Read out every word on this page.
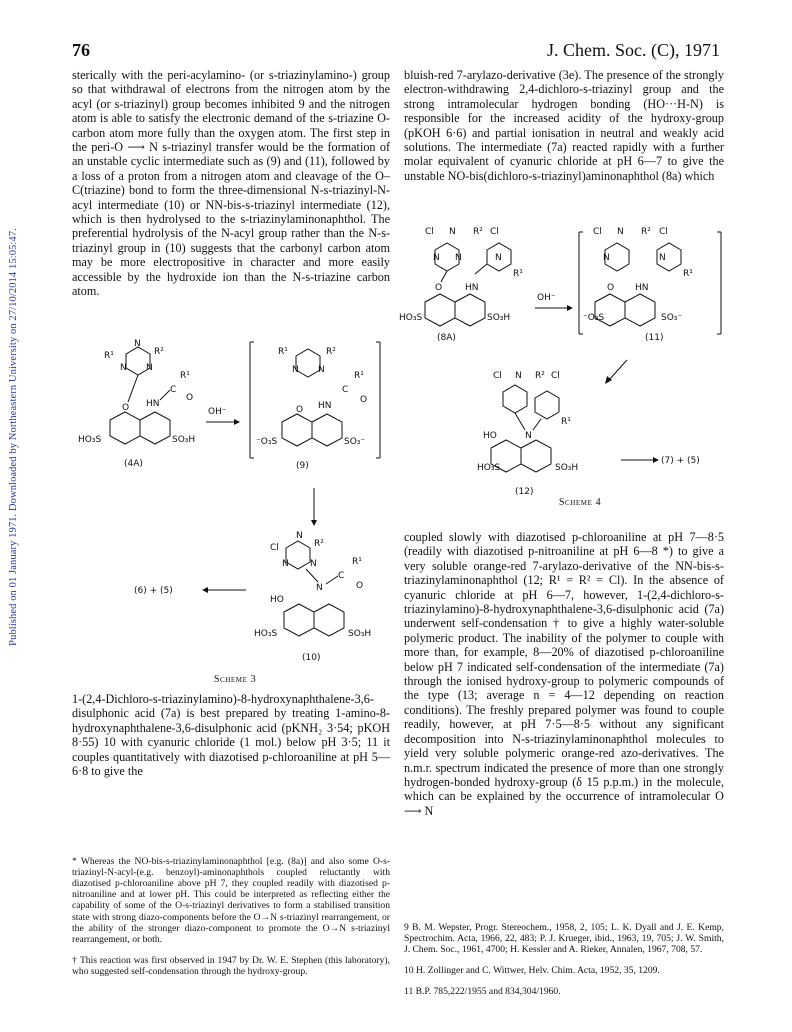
Published on 01 January 1971. Downloaded by Northeastern University on 27/10/2014 15:05:47.
76	J. Chem. Soc. (C), 1971

sterically with the peri-acylamino- (or s-triazinylamino-) group so that withdrawal of electrons from the nitrogen atom by the acyl (or s-triazinyl) group becomes inhibited 9 and the nitrogen atom is able to satisfy the electronic demand of the s-triazine O-carbon atom more fully than the oxygen atom. The first step in the peri-O ⟶ N s-triazinyl transfer would be the formation of an unstable cyclic intermediate such as (9) and (11), followed by a loss of a proton from a nitrogen atom and cleavage of the O–C(triazine) bond to form the three-dimensional N-s-triazinyl-N-acyl intermediate (10) or NN-bis-s-triazinyl intermediate (12), which is then hydrolysed to the s-triazinylaminonaphthol. The preferential hydrolysis of the N-acyl group rather than the N-s-triazinyl group in (10) suggests that the carbonyl carbon atom may be more electropositive in character and more easily accessible by the hydroxide ion than the N-s-triazine carbon atom.

bluish-red 7-arylazo-derivative (3e). The presence of the strongly electron-withdrawing 2,4-dichloro-s-triazinyl group and the strong intramolecular hydrogen bonding (HO···H-N) is responsible for the increased acidity of the hydroxy-group (pKOH 6·6) and partial ionisation in neutral and weakly acid solutions. The intermediate (7a) reacted rapidly with a further molar equivalent of cyanuric chloride at pH 6—7 to give the unstable NO-bis(dichloro-s-triazinyl)aminonaphthol (8a) which

Cl N R² Cl
N N	N
R¹
O	HN
HO₃S	SO₃H
(8A)
OH⁻
Cl N R² Cl
N	N
R¹
O HN
⁻O₃S	SO₃⁻
(11)
Cl N R² Cl
R¹
N
HO
HO₃S	SO₃H
(12)
(7) + (5)
Scheme 4
R¹
N
R²
N N
R¹
C
O
O HN
HO₃S	SO₃H
(4A)
OH⁻
R¹	R²
N N
R¹
C
O
O HN
⁻O₃S	SO₃⁻
(9)
Cl
N
R²
N N	R¹
C
O
N
HO
HO₃S	SO₃H
(10)
(6) + (5)
Scheme 3

1-(2,4-Dichloro-s-triazinylamino)-8-hydroxynaphthalene-3,6-disulphonic acid (7a) is best prepared by treating 1-amino-8-hydroxynaphthalene-3,6-disulphonic acid (pKNH₂ 3·54; pKOH 8·55) 10 with cyanuric chloride (1 mol.) below pH 3·5; 11 it couples quantitatively with diazotised p-chloroaniline at pH 5—6·8 to give the

coupled slowly with diazotised p-chloroaniline at pH 7—8·5 (readily with diazotised p-nitroaniline at pH 6—8 *) to give a very soluble orange-red 7-arylazo-derivative of the NN-bis-s-triazinylaminonaphthol (12; R¹ = R² = Cl). In the absence of cyanuric chloride at pH 6—7, however, 1-(2,4-dichloro-s-triazinylamino)-8-hydroxynaphthalene-3,6-disulphonic acid (7a) underwent self-condensation † to give a highly water-soluble polymeric product. The inability of the polymer to couple with more than, for example, 8—20% of diazotised p-chloroaniline below pH 7 indicated self-condensation of the intermediate (7a) through the ionised hydroxy-group to polymeric compounds of the type (13; average n = 4—12 depending on reaction conditions). The freshly prepared polymer was found to couple readily, however, at pH 7·5—8·5 without any significant decomposition into N-s-triazinylaminonaphthol molecules to yield very soluble polymeric orange-red azo-derivatives. The n.m.r. spectrum indicated the presence of more than one strongly hydrogen-bonded hydroxy-group (δ 15 p.p.m.) in the molecule, which can be explained by the occurrence of intramolecular O ⟶ N

* Whereas the NO-bis-s-triazinylaminonaphthol [e.g. (8a)] and also some O-s-triazinyl-N-acyl-(e.g. benzoyl)-aminonaphthols coupled reluctantly with diazotised p-chloroaniline above pH 7, they coupled readily with diazotised p-nitroaniline and at lower pH. This could be interpreted as reflecting either the capability of some of the O-s-triazinyl derivatives to form a stabilised transition state with strong diazo-components before the O→N s-triazinyl rearrangement, or the ability of the stronger diazo-component to promote the O→N s-triazinyl rearrangement, or both.

† This reaction was first observed in 1947 by Dr. W. E. Stephen (this laboratory), who suggested self-condensation through the hydroxy-group.

9 B. M. Wepster, Progr. Stereochem., 1958, 2, 105; L. K. Dyall and J. E. Kemp, Spectrochim. Acta, 1966, 22, 483; P. J. Krueger, ibid., 1963, 19, 705; J. W. Smith, J. Chem. Soc., 1961, 4700; H. Kessler and A. Rieker, Annalen, 1967, 708, 57.

10 H. Zollinger and C. Wittwer, Helv. Chim. Acta, 1952, 35, 1209.

11 B.P. 785,222/1955 and 834,304/1960.
